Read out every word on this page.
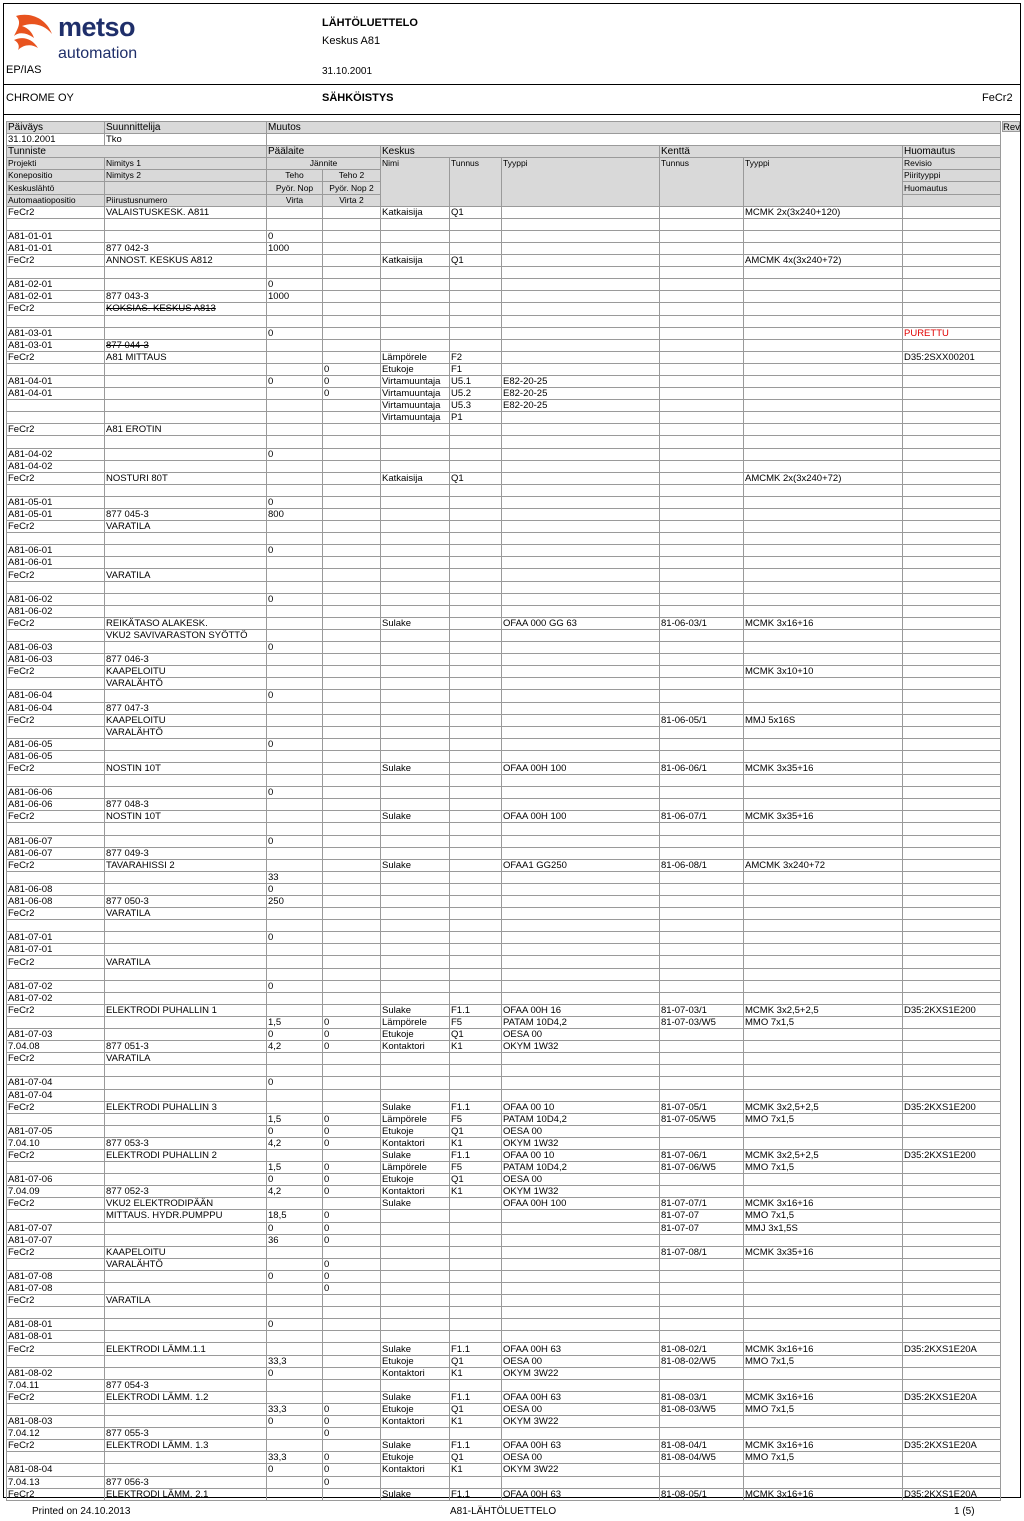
metso
automation
EP/IAS
LÄHTÖLUETTELO
Keskus A81
31.10.2001
CHROME OY	SÄHKÖISTYS	FeCr2
Rev.
Päiväys	Suunnittelija	Muutos							
31.10.2001	Tko								
Tunniste		Päälaite		Keskus			Kenttä		Huomautus
Projekti	Nimitys 1	Jännite		Nimi	Tunnus	Tyyppi	Tunnus	Tyyppi	Revisio
Konepositio	Nimitys 2	Teho	Teho 2						Piirityyppi
Keskuslähtö		Pyör. Nop	Pyör. Nop 2						Huomautus
Automaatiopositio	Piirustusnumero	Virta	Virta 2						
FeCr2	VALAISTUSKESK. A811			Katkaisija	Q1			MCMK 2x(3x240+120)	

A81-01-01		0							
A81-01-01	877 042-3	1000							
FeCr2	ANNOST. KESKUS A812			Katkaisija	Q1			AMCMK 4x(3x240+72)	

A81-02-01		0							
A81-02-01	877 043-3	1000							
FeCr2	KOKSIAS. KESKUS A813								

A81-03-01		0							PURETTU
A81-03-01	877 044-3								
FeCr2	A81 MITTAUS			Lämpörele	F2				D35:2SXX00201
			0	Etukoje	F1				
A81-04-01		0	0	Virtamuuntaja	U5.1	E82-20-25			
A81-04-01			0	Virtamuuntaja	U5.2	E82-20-25			
				Virtamuuntaja	U5.3	E82-20-25			
				Virtamuuntaja	P1				
FeCr2	A81 EROTIN								

A81-04-02		0							
A81-04-02									
FeCr2	NOSTURI 80T			Katkaisija	Q1			AMCMK 2x(3x240+72)	

A81-05-01		0							
A81-05-01	877 045-3	800							
FeCr2	VARATILA								

A81-06-01		0							
A81-06-01									
FeCr2	VARATILA								

A81-06-02		0							
A81-06-02									
FeCr2	REIKÄTASO ALAKESK.			Sulake		OFAA 000 GG 63	81-06-03/1	MCMK 3x16+16	
	VKU2 SAVIVARASTON SYÖTTÖ								
A81-06-03		0							
A81-06-03	877 046-3								
FeCr2	KAAPELOITU							MCMK 3x10+10	
	VARALÄHTÖ								
A81-06-04		0							
A81-06-04	877 047-3								
FeCr2	KAAPELOITU						81-06-05/1	MMJ 5x16S	
	VARALÄHTÖ								
A81-06-05		0							
A81-06-05									
FeCr2	NOSTIN 10T			Sulake		OFAA 00H 100	81-06-06/1	MCMK 3x35+16	

A81-06-06		0							
A81-06-06	877 048-3								
FeCr2	NOSTIN 10T			Sulake		OFAA 00H 100	81-06-07/1	MCMK 3x35+16	

A81-06-07		0							
A81-06-07	877 049-3								
FeCr2	TAVARAHISSI 2			Sulake		OFAA1 GG250	81-06-08/1	AMCMK 3x240+72	
		33							
A81-06-08		0							
A81-06-08	877 050-3	250							
FeCr2	VARATILA								

A81-07-01		0							
A81-07-01									
FeCr2	VARATILA								

A81-07-02		0							
A81-07-02									
FeCr2	ELEKTRODI PUHALLIN 1			Sulake	F1.1	OFAA 00H 16	81-07-03/1	MCMK 3x2,5+2,5	D35:2KXS1E200
		1,5	0	Lämpörele	F5	PATAM 10D4,2	81-07-03/W5	MMO 7x1,5	
A81-07-03		0	0	Etukoje	Q1	OESA 00			
7.04.08	877 051-3	4,2	0	Kontaktori	K1	OKYM 1W32			
FeCr2	VARATILA								

A81-07-04		0							
A81-07-04									
FeCr2	ELEKTRODI PUHALLIN 3			Sulake	F1.1	OFAA 00 10	81-07-05/1	MCMK 3x2,5+2,5	D35:2KXS1E200
		1,5	0	Lämpörele	F5	PATAM 10D4,2	81-07-05/W5	MMO 7x1,5	
A81-07-05		0	0	Etukoje	Q1	OESA 00			
7.04.10	877 053-3	4,2	0	Kontaktori	K1	OKYM 1W32			
FeCr2	ELEKTRODI PUHALLIN 2			Sulake	F1.1	OFAA 00 10	81-07-06/1	MCMK 3x2,5+2,5	D35:2KXS1E200
		1,5	0	Lämpörele	F5	PATAM 10D4,2	81-07-06/W5	MMO 7x1,5	
A81-07-06		0	0	Etukoje	Q1	OESA 00			
7.04.09	877 052-3	4,2	0	Kontaktori	K1	OKYM 1W32			
FeCr2	VKU2 ELEKTRODIPÄÄN			Sulake		OFAA 00H 100	81-07-07/1	MCMK 3x16+16	
	MITTAUS. HYDR.PUMPPU	18,5	0				81-07-07	MMO 7x1,5	
A81-07-07		0	0				81-07-07	MMJ 3x1,5S	
A81-07-07		36	0						
FeCr2	KAAPELOITU						81-07-08/1	MCMK 3x35+16	
	VARALÄHTÖ		0						
A81-07-08		0	0						
A81-07-08			0						
FeCr2	VARATILA								

A81-08-01		0							
A81-08-01									
FeCr2	ELEKTRODI LÄMM.1.1			Sulake	F1.1	OFAA 00H 63	81-08-02/1	MCMK 3x16+16	D35:2KXS1E20A
		33,3		Etukoje	Q1	OESA 00	81-08-02/W5	MMO 7x1,5	
A81-08-02		0		Kontaktori	K1	OKYM 3W22			
7.04.11	877 054-3								
FeCr2	ELEKTRODI LÄMM. 1.2			Sulake	F1.1	OFAA 00H 63	81-08-03/1	MCMK 3x16+16	D35:2KXS1E20A
		33,3	0	Etukoje	Q1	OESA 00	81-08-03/W5	MMO 7x1,5	
A81-08-03		0	0	Kontaktori	K1	OKYM 3W22			
7.04.12	877 055-3		0						
FeCr2	ELEKTRODI LÄMM. 1.3			Sulake	F1.1	OFAA 00H 63	81-08-04/1	MCMK 3x16+16	D35:2KXS1E20A
		33,3	0	Etukoje	Q1	OESA 00	81-08-04/W5	MMO 7x1,5	
A81-08-04		0	0	Kontaktori	K1	OKYM 3W22			
7.04.13	877 056-3		0						
FeCr2	ELEKTRODI LÄMM. 2.1			Sulake	F1.1	OFAA 00H 63	81-08-05/1	MCMK 3x16+16	D35:2KXS1E20A
Printed on 24.10.2013	A81-LÄHTÖLUETTELO	1 (5)
